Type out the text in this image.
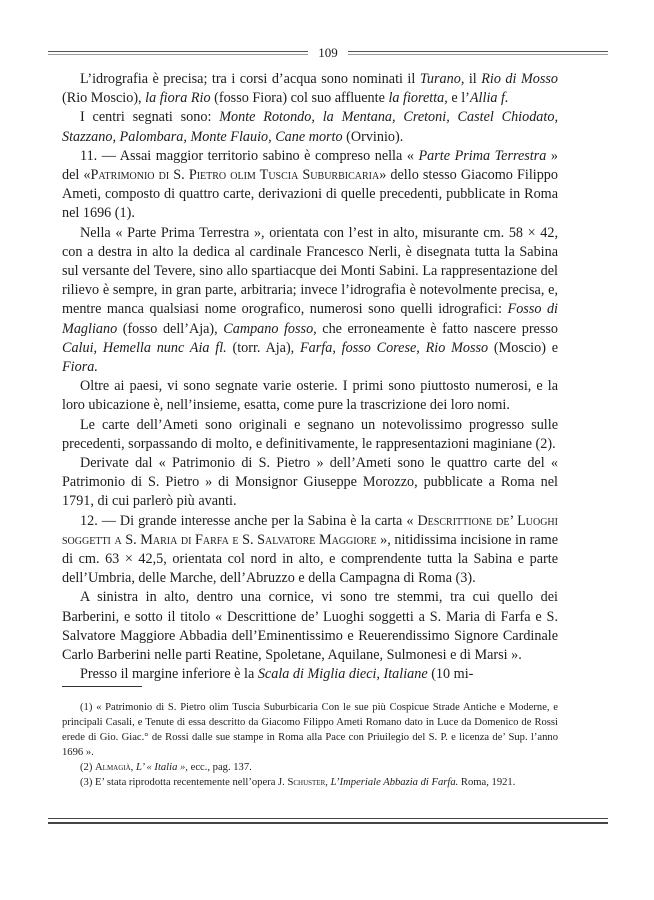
109

L’idrografia è precisa; tra i corsi d’acqua sono nominati il Turano, il Rio di Mosso (Rio Moscio), la fiora Rio (fosso Fiora) col suo affluente la fioretta, e l’Allia f.

I centri segnati sono: Monte Rotondo, la Mentana, Cretoni, Castel Chiodato, Stazzano, Palombara, Monte Flauio, Cane morto (Orvinio).

11. — Assai maggior territorio sabino è compreso nella « Parte Prima Terrestra » del «Patrimonio di S. Pietro olim Tuscia Suburbicaria» dello stesso Giacomo Filippo Ameti, composto di quattro carte, derivazioni di quelle precedenti, pubblicate in Roma nel 1696 (1).

Nella « Parte Prima Terrestra », orientata con l’est in alto, misurante cm. 58 × 42, con a destra in alto la dedica al cardinale Francesco Nerli, è disegnata tutta la Sabina sul versante del Tevere, sino allo spartiacque dei Monti Sabini. La rappresentazione del rilievo è sempre, in gran parte, arbitraria; invece l’idrografia è notevolmente precisa, e, mentre manca qualsiasi nome orografico, numerosi sono quelli idrografici: Fosso di Magliano (fosso dell’Aja), Campano fosso, che erroneamente è fatto nascere presso Calui, Hemella nunc Aia fl. (torr. Aja), Farfa, fosso Corese, Rio Mosso (Moscio) e Fiora.

Oltre ai paesi, vi sono segnate varie osterie. I primi sono piuttosto numerosi, e la loro ubicazione è, nell’insieme, esatta, come pure la trascrizione dei loro nomi.

Le carte dell’Ameti sono originali e segnano un notevolissimo progresso sulle precedenti, sorpassando di molto, e definitivamente, le rappresentazioni maginiane (2).

Derivate dal « Patrimonio di S. Pietro » dell’Ameti sono le quattro carte del « Patrimonio di S. Pietro » di Monsignor Giuseppe Morozzo, pubblicate a Roma nel 1791, di cui parlerò più avanti.

12. — Di grande interesse anche per la Sabina è la carta « Descrittione de’ Luoghi soggetti a S. Maria di Farfa e S. Salvatore Maggiore », nitidissima incisione in rame di cm. 63 × 42,5, orientata col nord in alto, e comprendente tutta la Sabina e parte dell’Umbria, delle Marche, dell’Abruzzo e della Campagna di Roma (3).

A sinistra in alto, dentro una cornice, vi sono tre stemmi, tra cui quello dei Barberini, e sotto il titolo « Descrittione de’ Luoghi soggetti a S. Maria di Farfa e S. Salvatore Maggiore Abbadia dell’Eminentissimo e Reuerendissimo Signore Cardinale Carlo Barberini nelle parti Reatine, Spoletane, Aquilane, Sulmonesi e di Marsi ».

Presso il margine inferiore è la Scala di Miglia dieci, Italiane (10 mi-

(1) « Patrimonio di S. Pietro olim Tuscia Suburbicaria Con le sue più Cospicue Strade Antiche e Moderne, e principali Casali, e Tenute di essa descritto da Giacomo Filippo Ameti Romano dato in Luce da Domenico de Rossi erede di Gio. Giac.° de Rossi dalle sue stampe in Roma alla Pace con Priuilegio del S. P. e licenza de’ Sup. l’anno 1696 ».

(2) Almagià, L’ « Italia », ecc., pag. 137.

(3) E’ stata riprodotta recentemente nell’opera J. Schuster, L’Imperiale Abbazia di Farfa. Roma, 1921.
